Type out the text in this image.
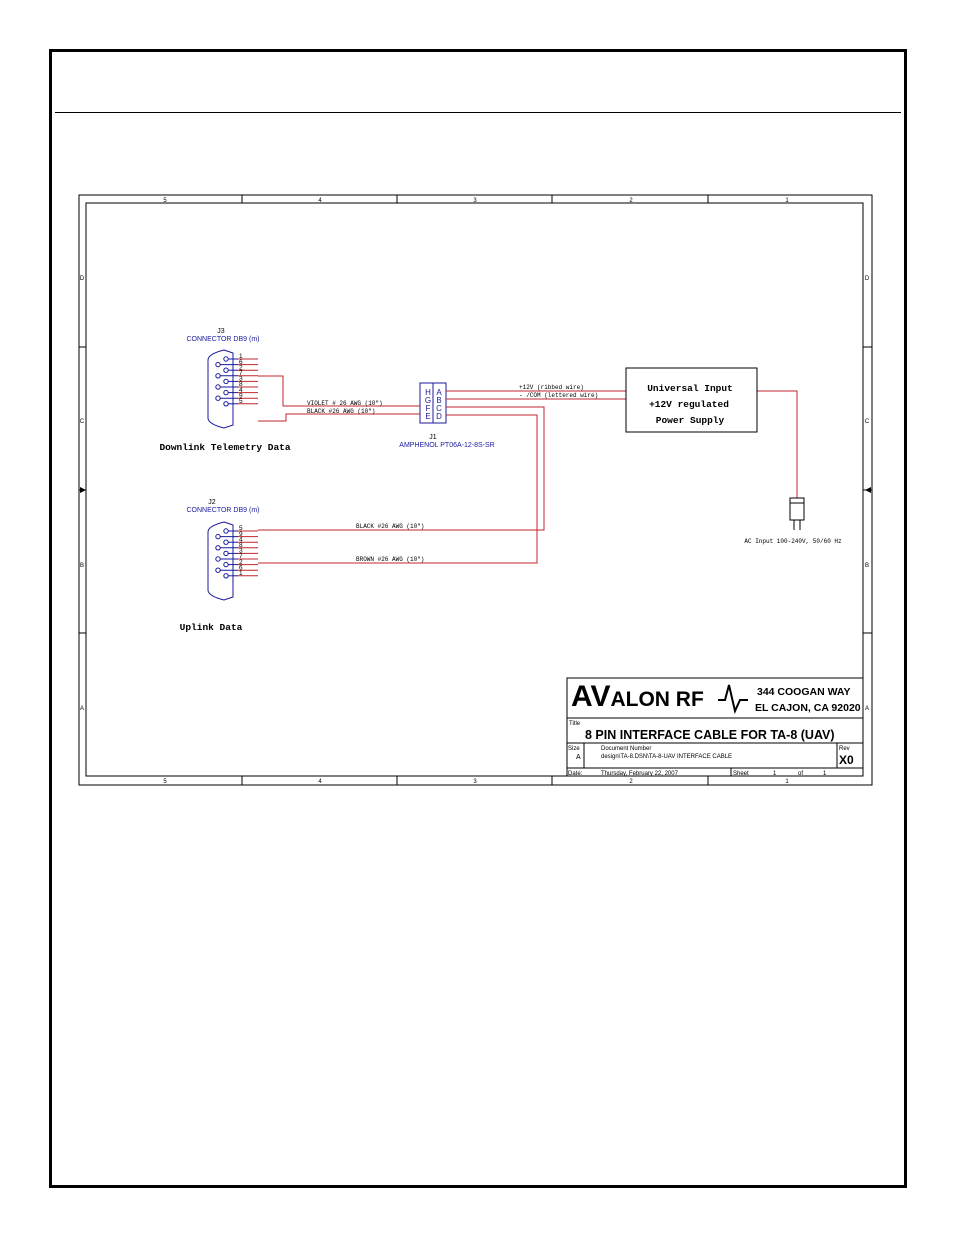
5	4	3	2	1
5	4	3	2	1
D
C
B
A
D
C
B
A
J3
CONNECTOR DB9 (m)
1
6
2
7
3
8
4
9
5
Downlink Telemetry Data
J2
CONNECTOR DB9 (m)
5
9
4
8
3
7
2
6
1
Uplink Data
H
G
F
E
A
B
C
D
J1
AMPHENOL PT06A-12-8S-SR
VIOLET # 26 AWG (10")
BLACK #26 AWG (10")
+12V (ribbed wire)
- /COM (lettered wire)
BLACK #26 AWG (10")
BROWN #26 AWG (10")
Universal Input
+12V regulated
Power Supply
AC Input 100-240V, 50/60 Hz
AVALON RF	344 COOGAN WAY
EL CAJON, CA 92020
Title
8 PIN INTERFACE CABLE FOR TA-8 (UAV)
Size
A
Document Number
design\TA-8.DSN\TA-8-UAV INTERFACE CABLE
Rev
X0
Date:	Thursday, February 22, 2007	Sheet	1	of	1
